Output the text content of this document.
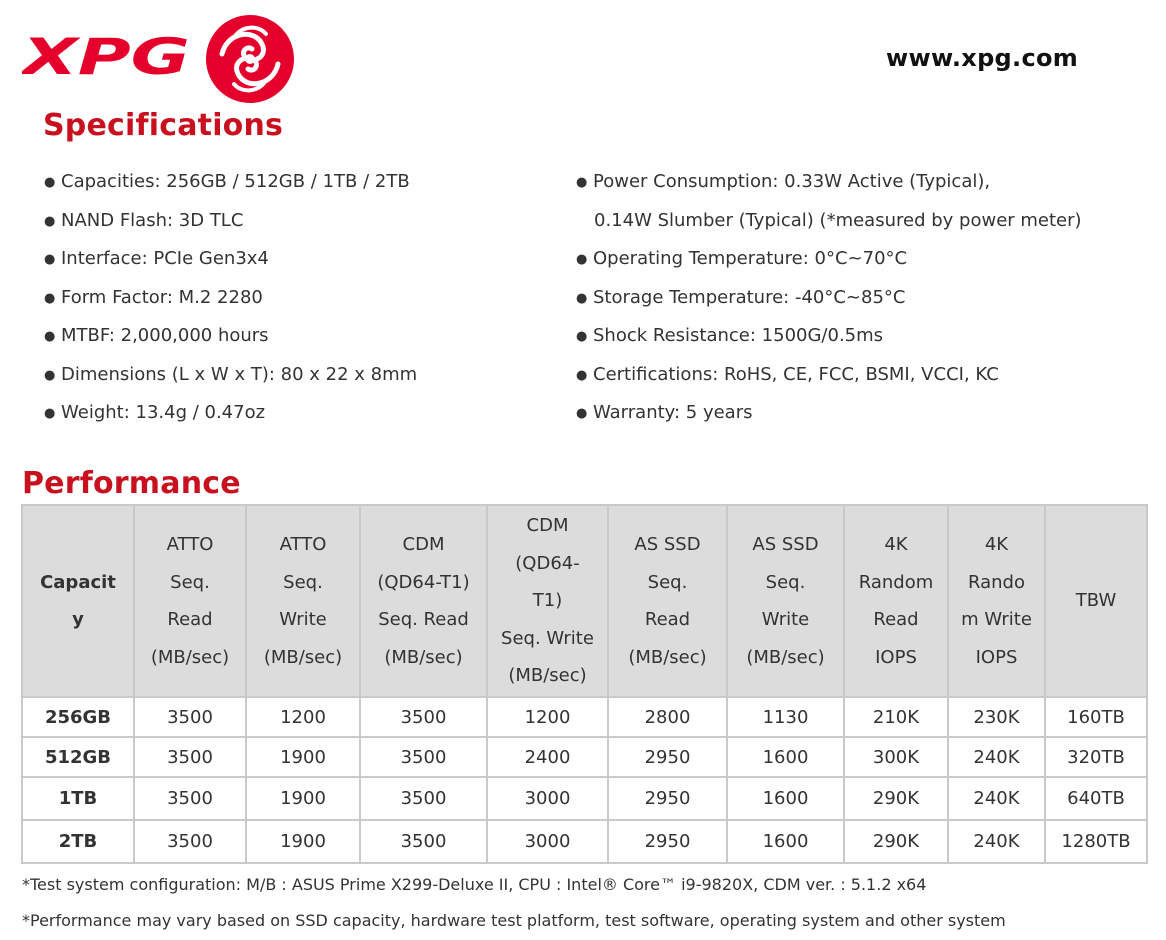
XPG	www.xpg.com
Specifications
● Capacities: 256GB / 512GB / 1TB / 2TB
● NAND Flash: 3D TLC
● Interface: PCIe Gen3x4
● Form Factor: M.2 2280
● MTBF: 2,000,000 hours
● Dimensions (L x W x T): 80 x 22 x 8mm
● Weight: 13.4g / 0.47oz
● Power Consumption: 0.33W Active (Typical),
0.14W Slumber (Typical) (*measured by power meter)
● Operating Temperature: 0°C~70°C
● Storage Temperature: -40°C~85°C
● Shock Resistance: 1500G/0.5ms
● Certifications: RoHS, CE, FCC, BSMI, VCCI, KC
● Warranty: 5 years
Performance
Capacit
y	ATTO
Seq.
Read
(MB/sec)	ATTO
Seq.
Write
(MB/sec)	CDM
(QD64-T1)
Seq. Read
(MB/sec)	CDM
(QD64-
T1)
Seq. Write
(MB/sec)	AS SSD
Seq.
Read
(MB/sec)	AS SSD
Seq.
Write
(MB/sec)	4K
Random
Read
IOPS	4K
Rando
m Write
IOPS	TBW
256GB	3500	1200	3500	1200	2800	1130	210K	230K	160TB
512GB	3500	1900	3500	2400	2950	1600	300K	240K	320TB
1TB	3500	1900	3500	3000	2950	1600	290K	240K	640TB
2TB	3500	1900	3500	3000	2950	1600	290K	240K	1280TB

*Test system configuration: M/B : ASUS Prime X299-Deluxe II, CPU : Intel® Core™ i9-9820X, CDM ver. : 5.1.2 x64

*Performance may vary based on SSD capacity, hardware test platform, test software, operating system and other system
